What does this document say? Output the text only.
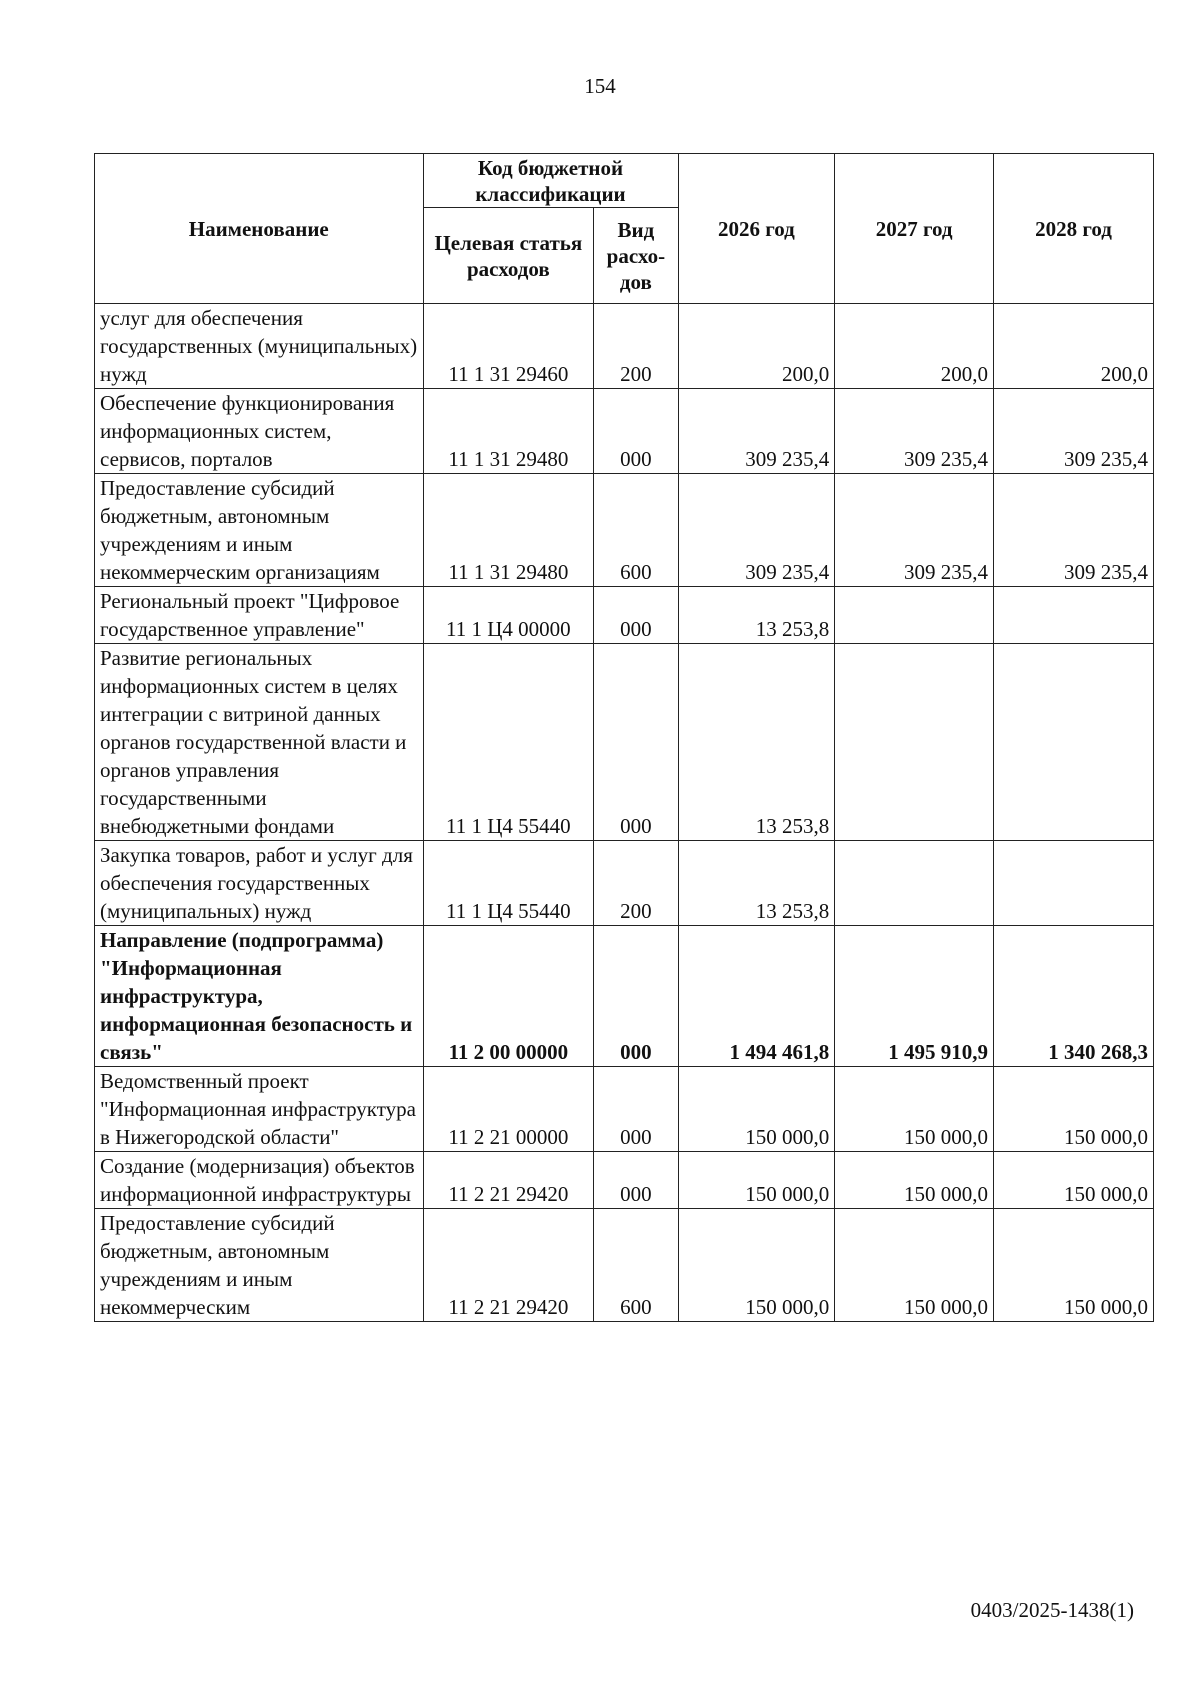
154
Наименование	Код бюджетной классификации		2026 год	2027 год	2028 год
	Целевая статья расходов	Вид расхо-дов			
услуг для обеспечения государственных (муниципальных) нужд	11 1 31 29460	200	200,0	200,0	200,0
Обеспечение функционирования информационных систем, сервисов, порталов	11 1 31 29480	000	309 235,4	309 235,4	309 235,4
Предоставление субсидий бюджетным, автономным учреждениям и иным некоммерческим организациям	11 1 31 29480	600	309 235,4	309 235,4	309 235,4
Региональный проект "Цифровое государственное управление"	11 1 Ц4 00000	000	13 253,8		
Развитие региональных информационных систем в целях интеграции с витриной данных органов государственной власти и органов управления государственными внебюджетными фондами	11 1 Ц4 55440	000	13 253,8		
Закупка товаров, работ и услуг для обеспечения государственных (муниципальных) нужд	11 1 Ц4 55440	200	13 253,8		
Направление (подпрограмма) "Информационная инфраструктура, информационная безопасность и связь"	11 2 00 00000	000	1 494 461,8	1 495 910,9	1 340 268,3
Ведомственный проект "Информационная инфраструктура в Нижегородской области"	11 2 21 00000	000	150 000,0	150 000,0	150 000,0
Создание (модернизация) объектов информационной инфраструктуры	11 2 21 29420	000	150 000,0	150 000,0	150 000,0
Предоставление субсидий бюджетным, автономным учреждениям и иным некоммерческим	11 2 21 29420	600	150 000,0	150 000,0	150 000,0
0403/2025-1438(1)
